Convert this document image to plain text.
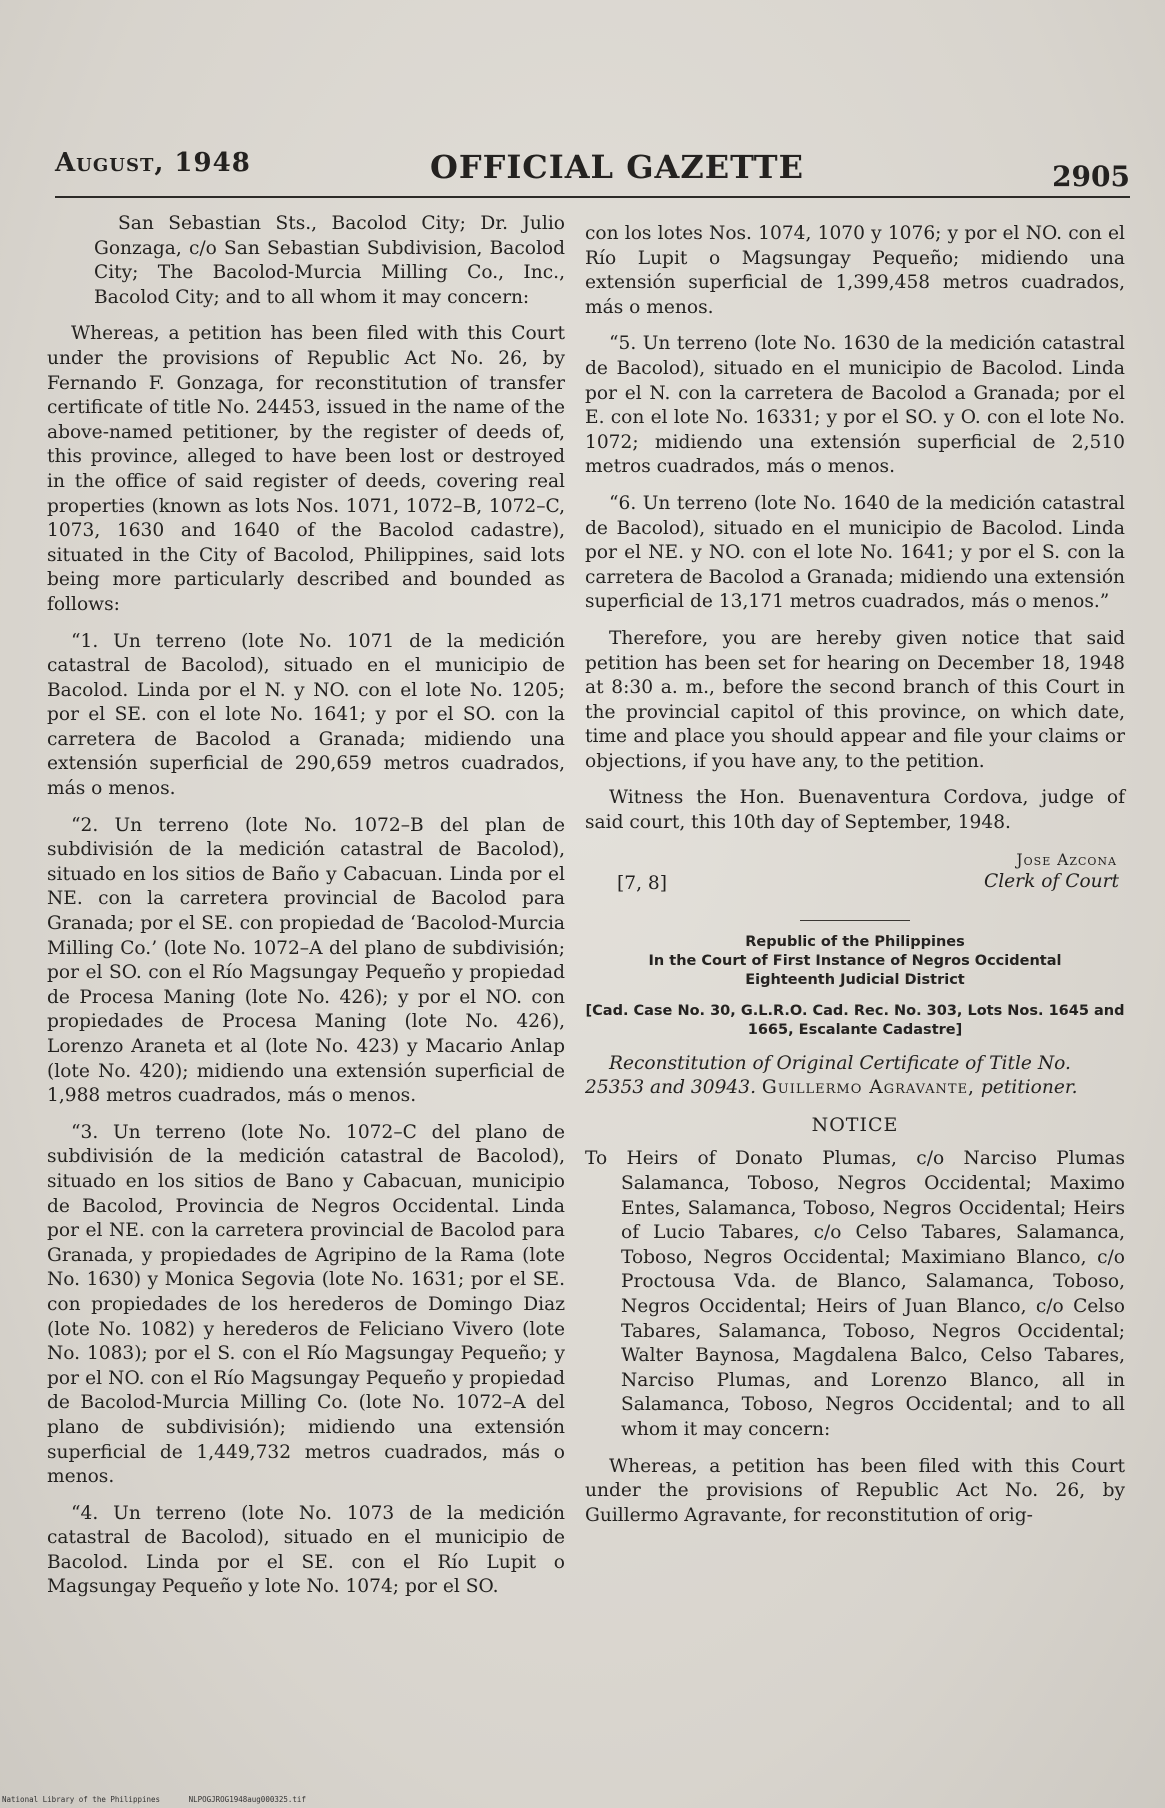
August, 1948	OFFICIAL GAZETTE	2905

San Sebastian Sts., Bacolod City; Dr. Julio Gonzaga, c/o San Sebastian Subdivision, Bacolod City; The Bacolod-Murcia Milling Co., Inc., Bacolod City; and to all whom it may concern:

Whereas, a petition has been filed with this Court under the provisions of Republic Act No. 26, by Fernando F. Gonzaga, for reconstitution of transfer certificate of title No. 24453, issued in the name of the above-named petitioner, by the register of deeds of, this province, alleged to have been lost or destroyed in the office of said register of deeds, covering real properties (known as lots Nos. 1071, 1072–B, 1072–C, 1073, 1630 and 1640 of the Bacolod cadastre), situated in the City of Bacolod, Philippines, said lots being more particularly described and bounded as follows:

“1. Un terreno (lote No. 1071 de la medición catastral de Bacolod), situado en el municipio de Bacolod. Linda por el N. y NO. con el lote No. 1205; por el SE. con el lote No. 1641; y por el SO. con la carretera de Bacolod a Granada; midiendo una extensión superficial de 290,659 metros cuadrados, más o menos.

“2. Un terreno (lote No. 1072–B del plan de subdivisión de la medición catastral de Bacolod), situado en los sitios de Baño y Cabacuan. Linda por el NE. con la carretera provincial de Bacolod para Granada; por el SE. con propiedad de ‘Bacolod-Murcia Milling Co.’ (lote No. 1072–A del plano de subdivisión; por el SO. con el Río Magsungay Pequeño y propiedad de Procesa Maning (lote No. 426); y por el NO. con propiedades de Procesa Maning (lote No. 426), Lorenzo Araneta et al (lote No. 423) y Macario Anlap (lote No. 420); midiendo una extensión superficial de 1,988 metros cuadrados, más o menos.

“3. Un terreno (lote No. 1072–C del plano de subdivisión de la medición catastral de Bacolod), situado en los sitios de Bano y Cabacuan, municipio de Bacolod, Provincia de Negros Occidental. Linda por el NE. con la carretera provincial de Bacolod para Granada, y propiedades de Agripino de la Rama (lote No. 1630) y Monica Segovia (lote No. 1631; por el SE. con propiedades de los herederos de Domingo Diaz (lote No. 1082) y herederos de Feliciano Vivero (lote No. 1083); por el S. con el Río Magsungay Pequeño; y por el NO. con el Río Magsungay Pequeño y propiedad de Bacolod-Murcia Milling Co. (lote No. 1072–A del plano de subdivisión); midiendo una extensión superficial de 1,449,732 metros cuadrados, más o menos.

“4. Un terreno (lote No. 1073 de la medición catastral de Bacolod), situado en el municipio de Bacolod. Linda por el SE. con el Río Lupit o Magsungay Pequeño y lote No. 1074; por el SO.

con los lotes Nos. 1074, 1070 y 1076; y por el NO. con el Río Lupit o Magsungay Pequeño; midiendo una extensión superficial de 1,399,458 metros cuadrados, más o menos.

“5. Un terreno (lote No. 1630 de la medición catastral de Bacolod), situado en el municipio de Bacolod. Linda por el N. con la carretera de Bacolod a Granada; por el E. con el lote No. 16331; y por el SO. y O. con el lote No. 1072; midiendo una extensión superficial de 2,510 metros cuadrados, más o menos.

“6. Un terreno (lote No. 1640 de la medición catastral de Bacolod), situado en el municipio de Bacolod. Linda por el NE. y NO. con el lote No. 1641; y por el S. con la carretera de Bacolod a Granada; midiendo una extensión superficial de 13,171 metros cuadrados, más o menos.”

Therefore, you are hereby given notice that said petition has been set for hearing on December 18, 1948 at 8:30 a. m., before the second branch of this Court in the provincial capitol of this province, on which date, time and place you should appear and file your claims or objections, if you have any, to the petition.

Witness the Hon. Buenaventura Cordova, judge of said court, this 10th day of September, 1948.

Jose Azcona
[7, 8]	Clerk of Court
Republic of the Philippines
In the Court of First Instance of Negros Occidental
Eighteenth Judicial District
[Cad. Case No. 30, G.L.R.O. Cad. Rec. No. 303, Lots Nos. 1645 and 1665, Escalante Cadastre]

Reconstitution of Original Certificate of Title No. 25353 and 30943. Guillermo Agravante, petitioner.

NOTICE

To Heirs of Donato Plumas, c/o Narciso Plumas Salamanca, Toboso, Negros Occidental; Maximo Entes, Salamanca, Toboso, Negros Occidental; Heirs of Lucio Tabares, c/o Celso Tabares, Salamanca, Toboso, Negros Occidental; Maximiano Blanco, c/o Proctousa Vda. de Blanco, Salamanca, Toboso, Negros Occidental; Heirs of Juan Blanco, c/o Celso Tabares, Salamanca, Toboso, Negros Occidental; Walter Baynosa, Magdalena Balco, Celso Tabares, Narciso Plumas, and Lorenzo Blanco, all in Salamanca, Toboso, Negros Occidental; and to all whom it may concern:

Whereas, a petition has been filed with this Court under the provisions of Republic Act No. 26, by Guillermo Agravante, for reconstitution of orig-

National Library of the Philippines	NLPOGJROG1948aug000325.tif
